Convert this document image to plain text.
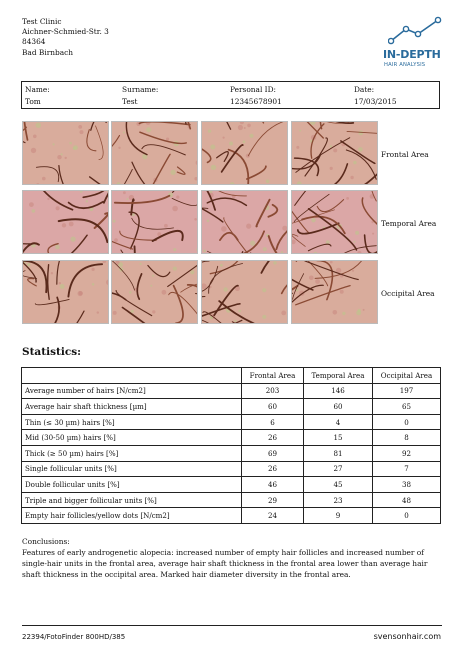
Test Clinic
Aichner-Schmied-Str. 3
84364
Bad Birnbach	IN-DEPTH
HAIR ANALYSIS
Name:
Tom
Surname:
Test
Personal ID:
12345678901
Date:
17/03/2015
Frontal Area
Temporal Area
Occipital Area
Statistics:
	Frontal Area	Temporal Area	Occipital Area
Average number of hairs [N/cm2]	203	146	197
Average hair shaft thickness [µm]	60	60	65
Thin (≤ 30 µm) hairs [%]	6	4	0
Mid (30-50 µm) hairs [%]	26	15	8
Thick (≥ 50 µm) hairs [%]	69	81	92
Single follicular units [%]	26	27	7
Double follicular units [%]	46	45	38
Triple and bigger follicular units [%]	29	23	48
Empty hair follicles/yellow dots [N/cm2]	24	9	0
Conclusions:
Features of early androgenetic alopecia: increased number of empty hair follicles and increased number of single-hair units in the frontal area, average hair shaft thickness in the frontal area lower than average hair shaft thickness in the occipital area. Marked hair diameter diversity in the frontal area.
22394/FotoFinder 800HD/385	svensonhair.com
